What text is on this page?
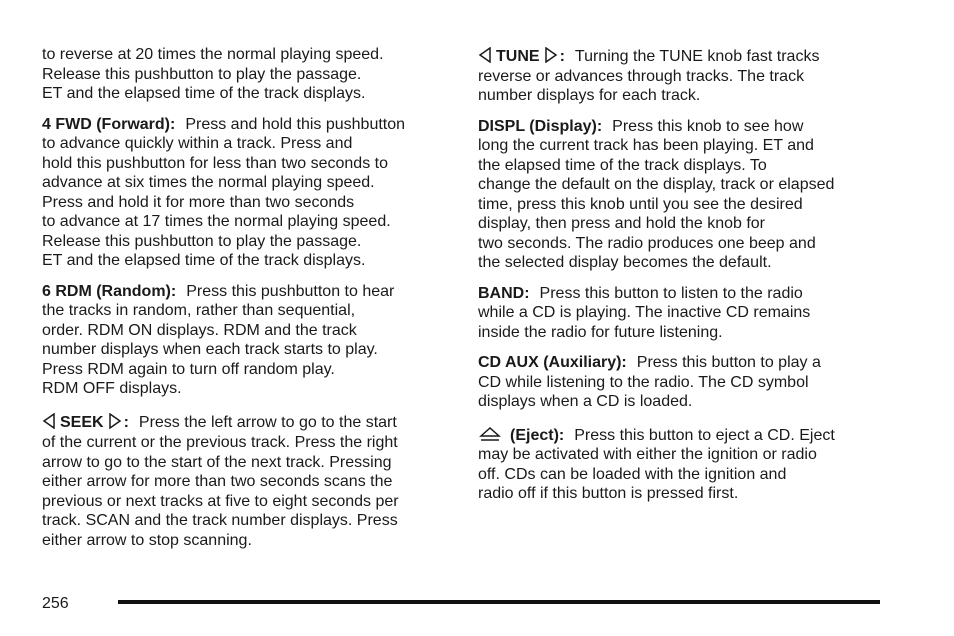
to reverse at 20 times the normal playing speed.
Release this pushbutton to play the passage.
ET and the elapsed time of the track displays.
4 FWD (Forward): Press and hold this pushbutton
to advance quickly within a track. Press and
hold this pushbutton for less than two seconds to
advance at six times the normal playing speed.
Press and hold it for more than two seconds
to advance at 17 times the normal playing speed.
Release this pushbutton to play the passage.
ET and the elapsed time of the track displays.
6 RDM (Random): Press this pushbutton to hear
the tracks in random, rather than sequential,
order. RDM ON displays. RDM and the track
number displays when each track starts to play.
Press RDM again to turn off random play.
RDM OFF displays.
SEEK : Press the left arrow to go to the start
of the current or the previous track. Press the right
arrow to go to the start of the next track. Pressing
either arrow for more than two seconds scans the
previous or next tracks at five to eight seconds per
track. SCAN and the track number displays. Press
either arrow to stop scanning.
TUNE : Turning the TUNE knob fast tracks
reverse or advances through tracks. The track
number displays for each track.
DISPL (Display): Press this knob to see how
long the current track has been playing. ET and
the elapsed time of the track displays. To
change the default on the display, track or elapsed
time, press this knob until you see the desired
display, then press and hold the knob for
two seconds. The radio produces one beep and
the selected display becomes the default.
BAND: Press this button to listen to the radio
while a CD is playing. The inactive CD remains
inside the radio for future listening.
CD AUX (Auxiliary): Press this button to play a
CD while listening to the radio. The CD symbol
displays when a CD is loaded.
(Eject): Press this button to eject a CD. Eject
may be activated with either the ignition or radio
off. CDs can be loaded with the ignition and
radio off if this button is pressed first.
256
